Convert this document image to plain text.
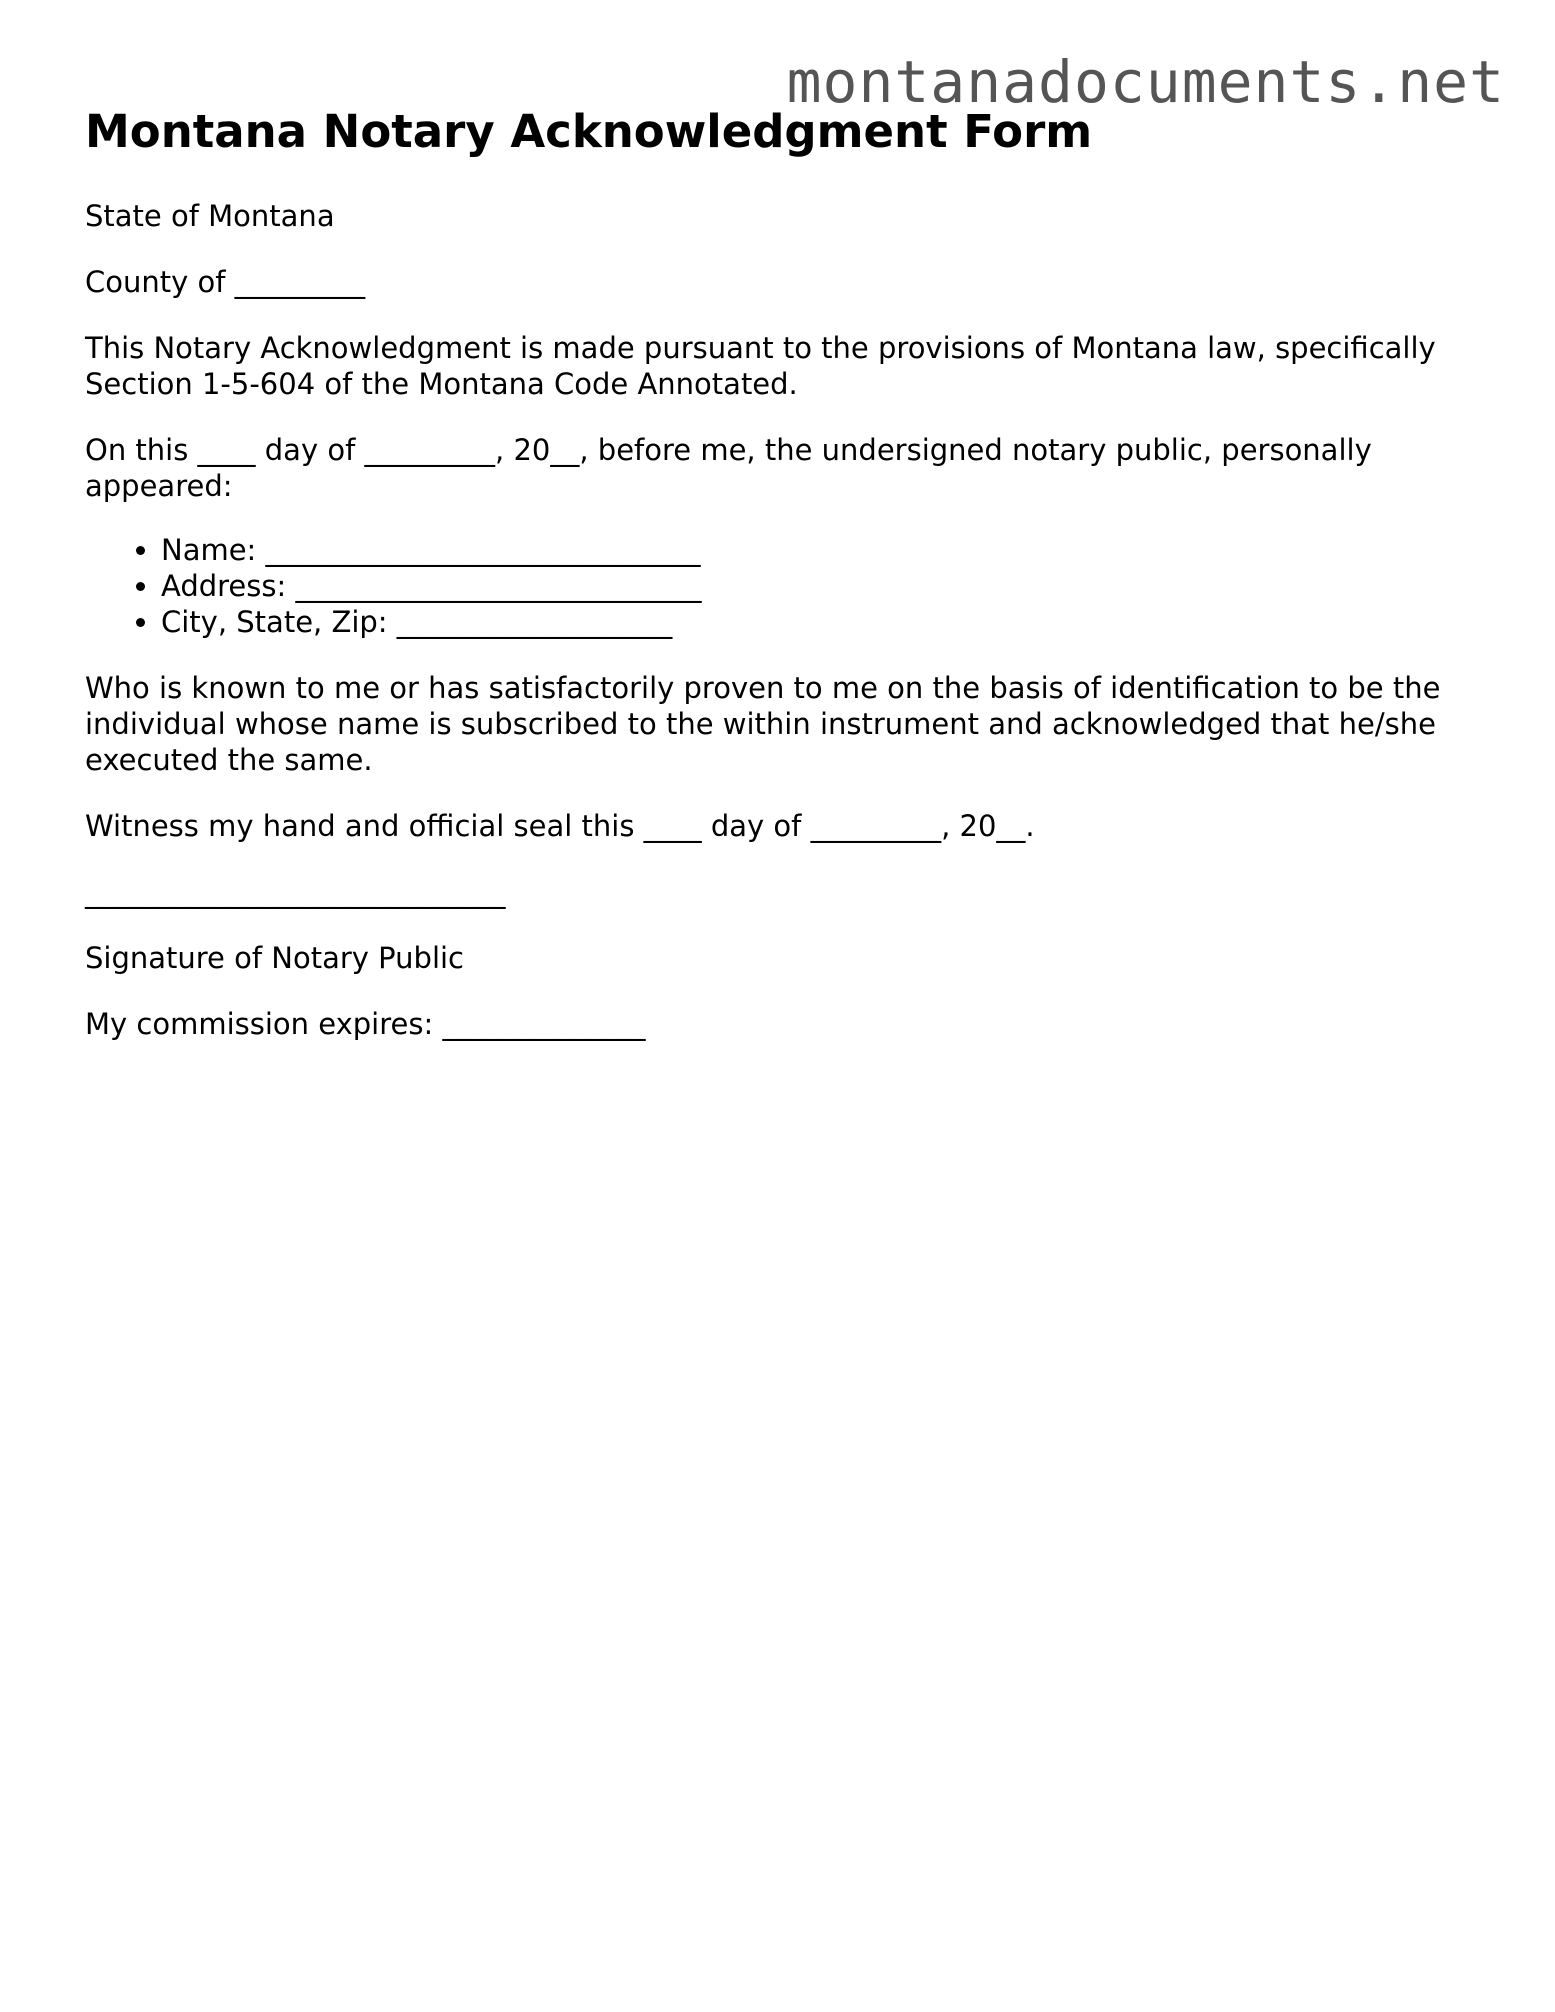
montanadocuments.net
Montana Notary Acknowledgment Form

State of Montana

County of _________

This Notary Acknowledgment is made pursuant to the provisions of Montana law, specifically Section 1-5-604 of the Montana Code Annotated.

On this ____ day of _________, 20__, before me, the undersigned notary public, personally appeared:

• Name: ______________________________
• Address: ____________________________
• City, State, Zip: ___________________

Who is known to me or has satisfactorily proven to me on the basis of identification to be the individual whose name is subscribed to the within instrument and acknowledged that he/she executed the same.

Witness my hand and official seal this ____ day of _________, 20__.

_____________________________

Signature of Notary Public

My commission expires: ______________
